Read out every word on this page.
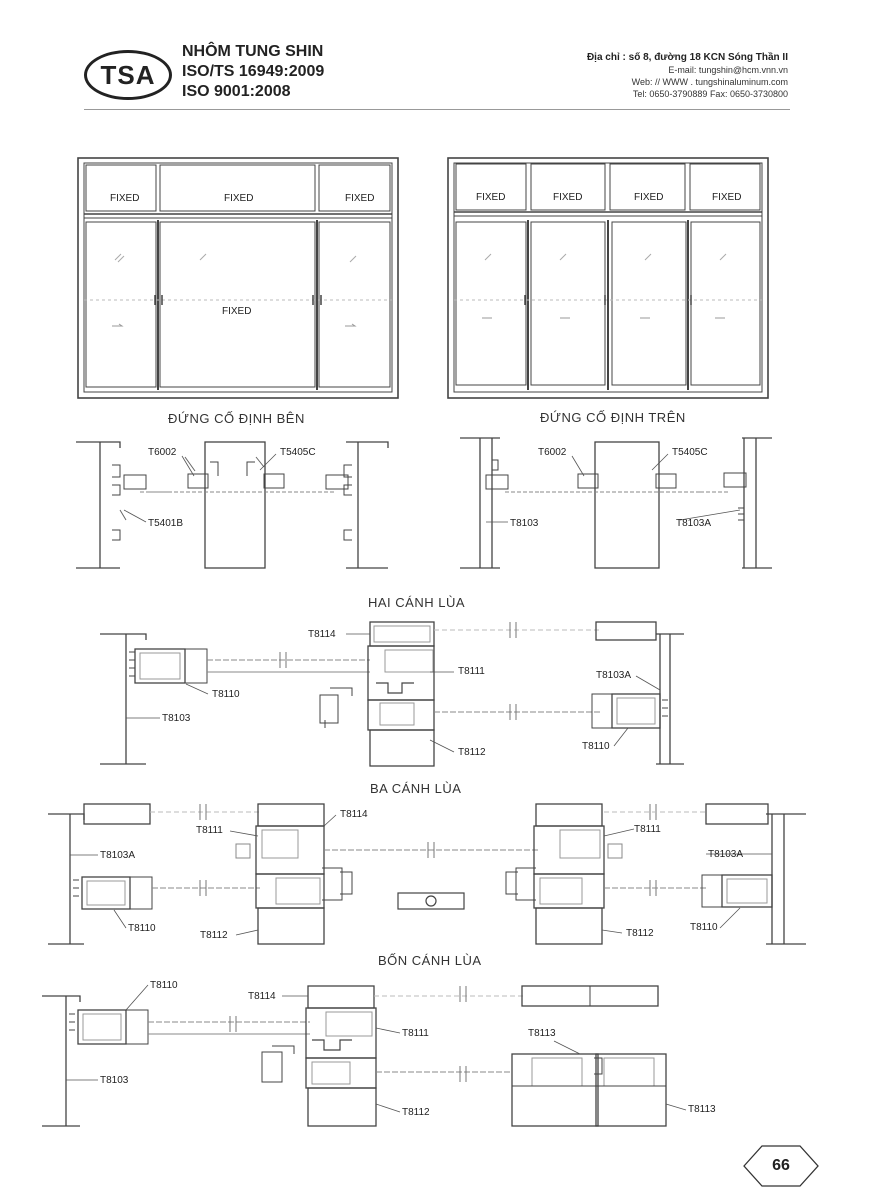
TSA
NHÔM TUNG SHIN
ISO/TS 16949:2009
ISO 9001:2008
Địa chỉ : số 8, đường 18 KCN Sóng Thần II
E-mail: tungshin@hcm.vnn.vn
Web: // WWW . tungshinaluminum.com
Tel: 0650-3790889 Fax: 0650-3730800
FIXED	FIXED	FIXED
FIXED
FIXED	FIXED	FIXED	FIXED
ĐỨNG CỐ ĐỊNH BÊN	ĐỨNG CỐ ĐỊNH TRÊN
HAI CÁNH LÙA
BA CÁNH LÙA
BỐN CÁNH LÙA
T6002	T5405C
T5401B
T6002	T5405C
T8103	T8103A
T8114
T8111
T8110
T8103
T8103A
T8112
T8110
T8114
T8111
T8103A
T8110
T8112
T8111
T8103A
T8112
T8110
T8110
T8114
T8111
T8103
T8113
T8112	T8113
66
